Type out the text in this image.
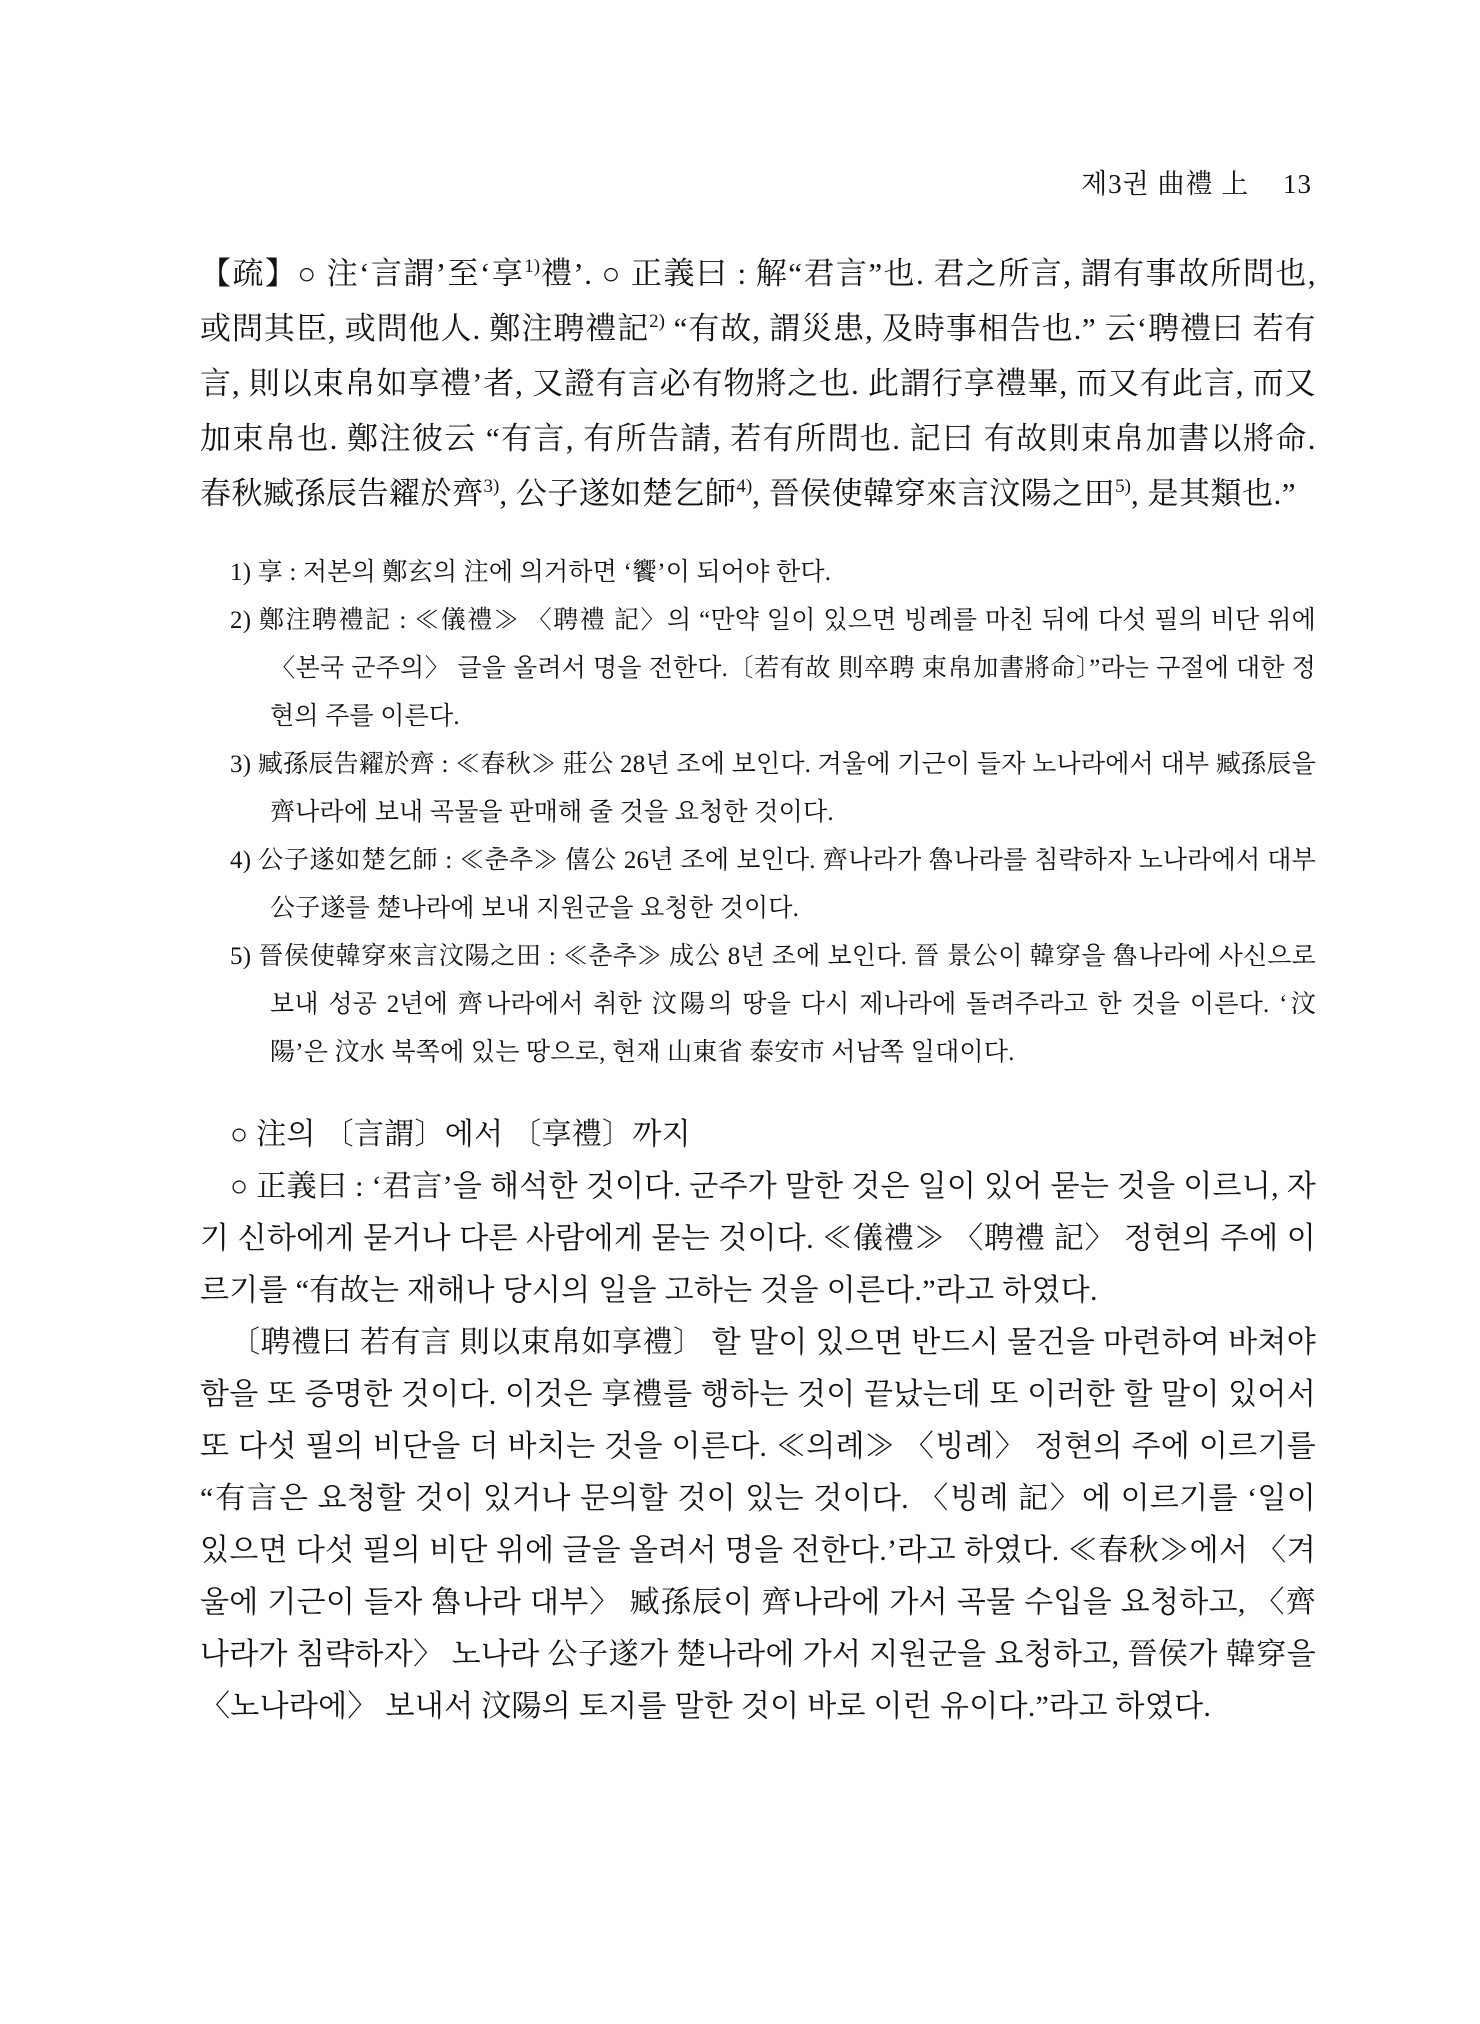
제3권 曲禮 上 13

【疏】○ 注‘言謂’至‘享$^{1)}$禮’. ○ 正義曰 : 解“君言”也. 君之所言, 謂有事故所問也, 或問其臣, 或問他人. 鄭注聘禮記$^{2)}$ “有故, 謂災患, 及時事相告也.” 云‘聘禮曰 若有言, 則以束帛如享禮’者, 又證有言必有物將之也. 此謂行享禮畢, 而又有此言, 而又加束帛也. 鄭注彼云 “有言, 有所告請, 若有所問也. 記曰 有故則束帛加書以將命. 春秋臧孫辰告糴於齊$^{3)}$, 公子遂如楚乞師$^{4)}$, 晉侯使韓穿來言汶陽之田$^{5)}$, 是其類也.”

1) 享 : 저본의 鄭玄의 注에 의거하면 ‘饗’이 되어야 한다.
2) 鄭注聘禮記 : ≪儀禮≫ 〈聘禮 記〉의 “만약 일이 있으면 빙례를 마친 뒤에 다섯 필의 비단 위에 〈본국 군주의〉 글을 올려서 명을 전한다.〔若有故 則卒聘 束帛加書將命〕”라는 구절에 대한 정현의 주를 이른다.
3) 臧孫辰告糴於齊 : ≪春秋≫ 莊公 28년 조에 보인다. 겨울에 기근이 들자 노나라에서 대부 臧孫辰을 齊나라에 보내 곡물을 판매해 줄 것을 요청한 것이다.
4) 公子遂如楚乞師 : ≪춘추≫ 僖公 26년 조에 보인다. 齊나라가 魯나라를 침략하자 노나라에서 대부 公子遂를 楚나라에 보내 지원군을 요청한 것이다.
5) 晉侯使韓穿來言汶陽之田 : ≪춘추≫ 成公 8년 조에 보인다. 晉 景公이 韓穿을 魯나라에 사신으로 보내 성공 2년에 齊나라에서 취한 汶陽의 땅을 다시 제나라에 돌려주라고 한 것을 이른다. ‘汶陽’은 汶水 북쪽에 있는 땅으로, 현재 山東省 泰安市 서남쪽 일대이다.

○ 注의 〔言謂〕에서 〔享禮〕까지

○ 正義曰 : ‘君言’을 해석한 것이다. 군주가 말한 것은 일이 있어 묻는 것을 이르니, 자기 신하에게 묻거나 다른 사람에게 묻는 것이다. ≪儀禮≫ 〈聘禮 記〉 정현의 주에 이르기를 “有故는 재해나 당시의 일을 고하는 것을 이른다.”라고 하였다.

〔聘禮曰 若有言 則以束帛如享禮〕 할 말이 있으면 반드시 물건을 마련하여 바쳐야 함을 또 증명한 것이다. 이것은 享禮를 행하는 것이 끝났는데 또 이러한 할 말이 있어서 또 다섯 필의 비단을 더 바치는 것을 이른다. ≪의례≫ 〈빙례〉 정현의 주에 이르기를 “有言은 요청할 것이 있거나 문의할 것이 있는 것이다. 〈빙례 記〉에 이르기를 ‘일이 있으면 다섯 필의 비단 위에 글을 올려서 명을 전한다.’라고 하였다. ≪春秋≫에서 〈겨울에 기근이 들자 魯나라 대부〉 臧孫辰이 齊나라에 가서 곡물 수입을 요청하고, 〈齊나라가 침략하자〉 노나라 公子遂가 楚나라에 가서 지원군을 요청하고, 晉侯가 韓穿을 〈노나라에〉 보내서 汶陽의 토지를 말한 것이 바로 이런 유이다.”라고 하였다.
